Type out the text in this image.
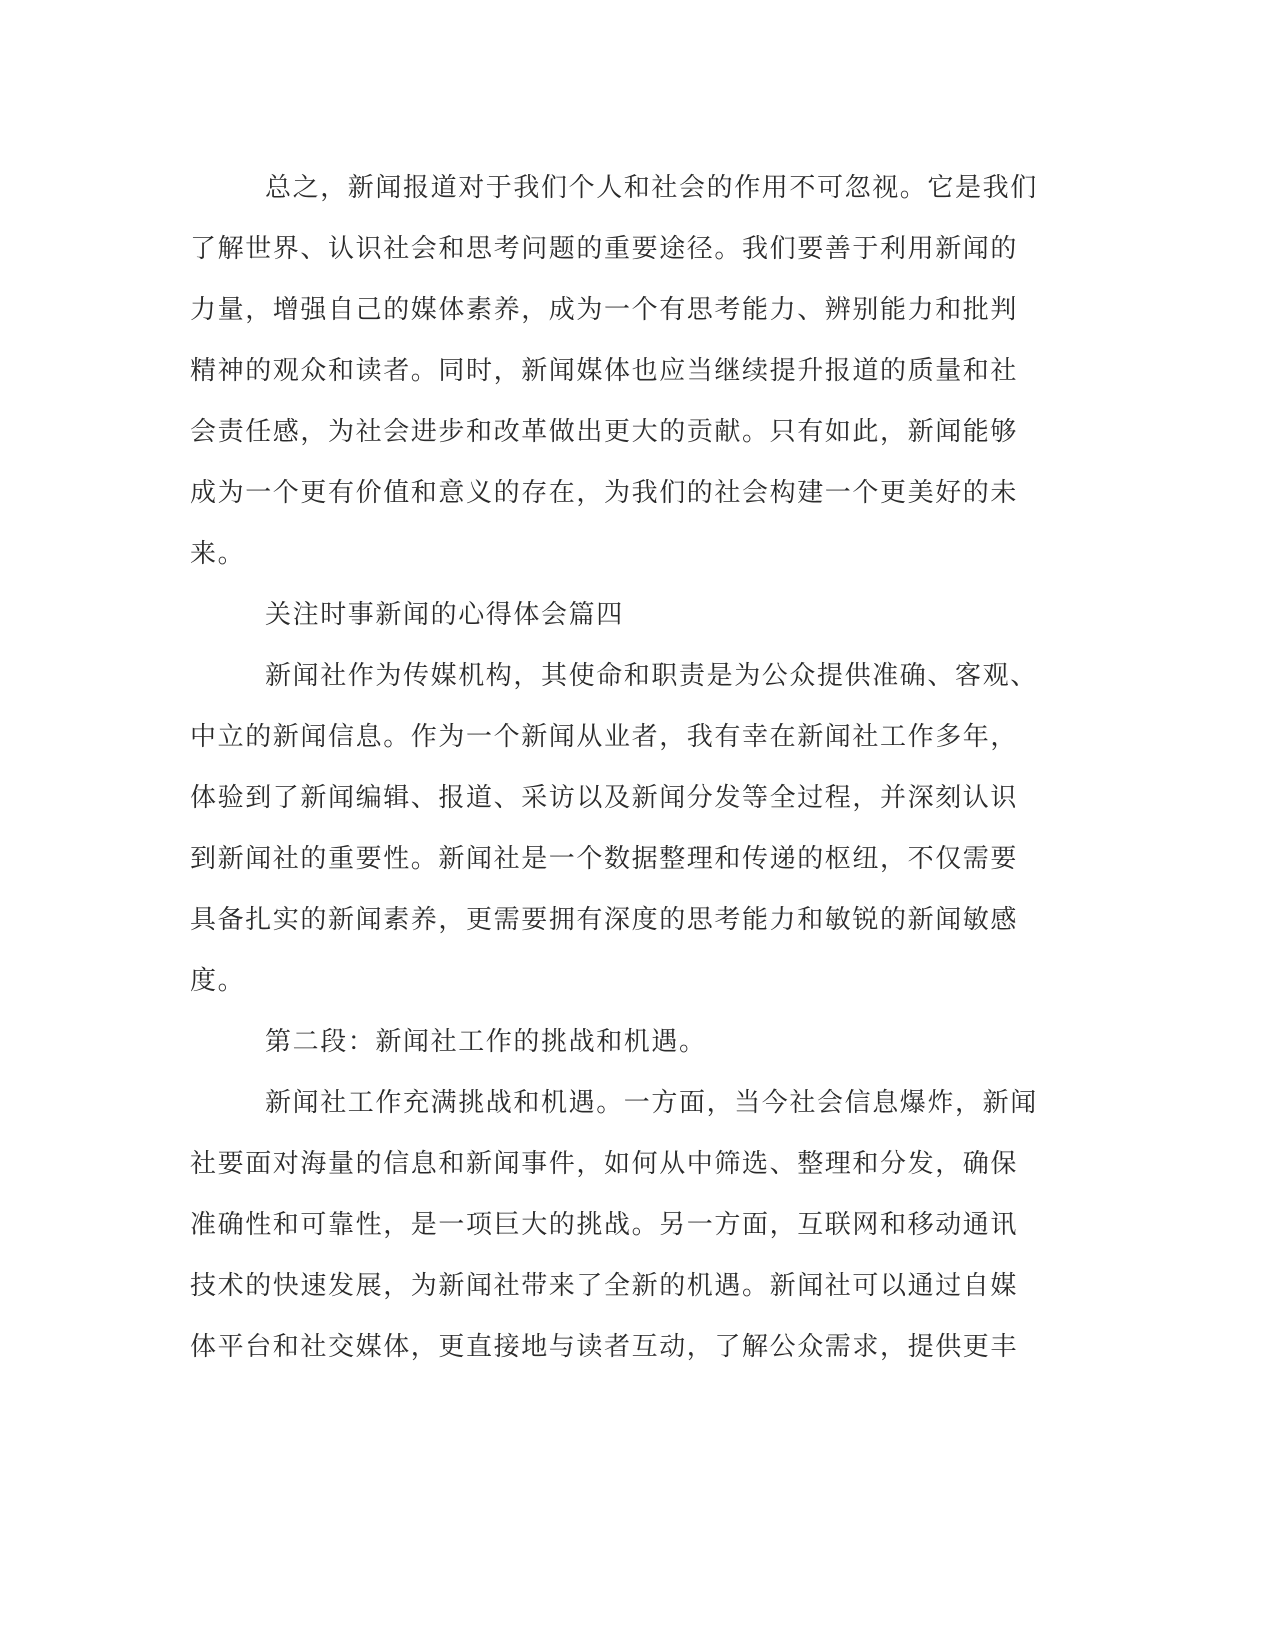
总之，新闻报道对于我们个人和社会的作用不可忽视。它是我们
了解世界、认识社会和思考问题的重要途径。我们要善于利用新闻的
力量，增强自己的媒体素养，成为一个有思考能力、辨别能力和批判
精神的观众和读者。同时，新闻媒体也应当继续提升报道的质量和社
会责任感，为社会进步和改革做出更大的贡献。只有如此，新闻能够
成为一个更有价值和意义的存在，为我们的社会构建一个更美好的未
来。
关注时事新闻的心得体会篇四
新闻社作为传媒机构，其使命和职责是为公众提供准确、客观、
中立的新闻信息。作为一个新闻从业者，我有幸在新闻社工作多年，
体验到了新闻编辑、报道、采访以及新闻分发等全过程，并深刻认识
到新闻社的重要性。新闻社是一个数据整理和传递的枢纽，不仅需要
具备扎实的新闻素养，更需要拥有深度的思考能力和敏锐的新闻敏感
度。
第二段：新闻社工作的挑战和机遇。
新闻社工作充满挑战和机遇。一方面，当今社会信息爆炸，新闻
社要面对海量的信息和新闻事件，如何从中筛选、整理和分发，确保
准确性和可靠性，是一项巨大的挑战。另一方面，互联网和移动通讯
技术的快速发展，为新闻社带来了全新的机遇。新闻社可以通过自媒
体平台和社交媒体，更直接地与读者互动，了解公众需求，提供更丰
